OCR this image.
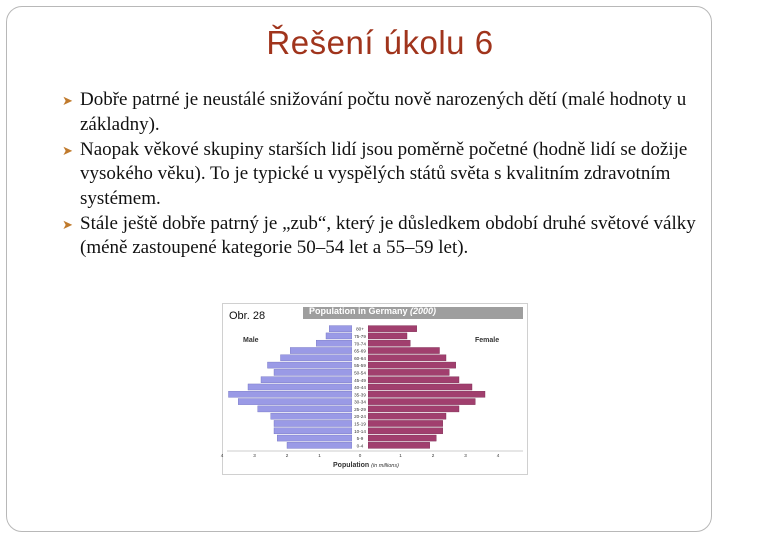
Řešení úkolu 6
➤ Dobře patrné je neustálé snižování počtu nově narozených dětí (malé hodnoty u základny).
➤ Naopak věkové skupiny starších lidí jsou poměrně početné (hodně lidí se dožije vysokého věku). To je typické u vyspělých států světa s kvalitním zdravotním systémem.
➤ Stále ještě dobře patrný je „zub“, který je důsledkem období druhé světové války (méně zastoupené kategorie 50–54 let a 55–59 let).
Obr. 28	Population in Germany (2000)
80+
75-79
70-74
65-69
60-64
55-59
50-54
45-49
40-44
35-39
30-34
25-29
20-24
15-19
10-14
5-9
0-4
Male	Female
4	3	2	1	0	1	2	3	4
Population (in millions)
